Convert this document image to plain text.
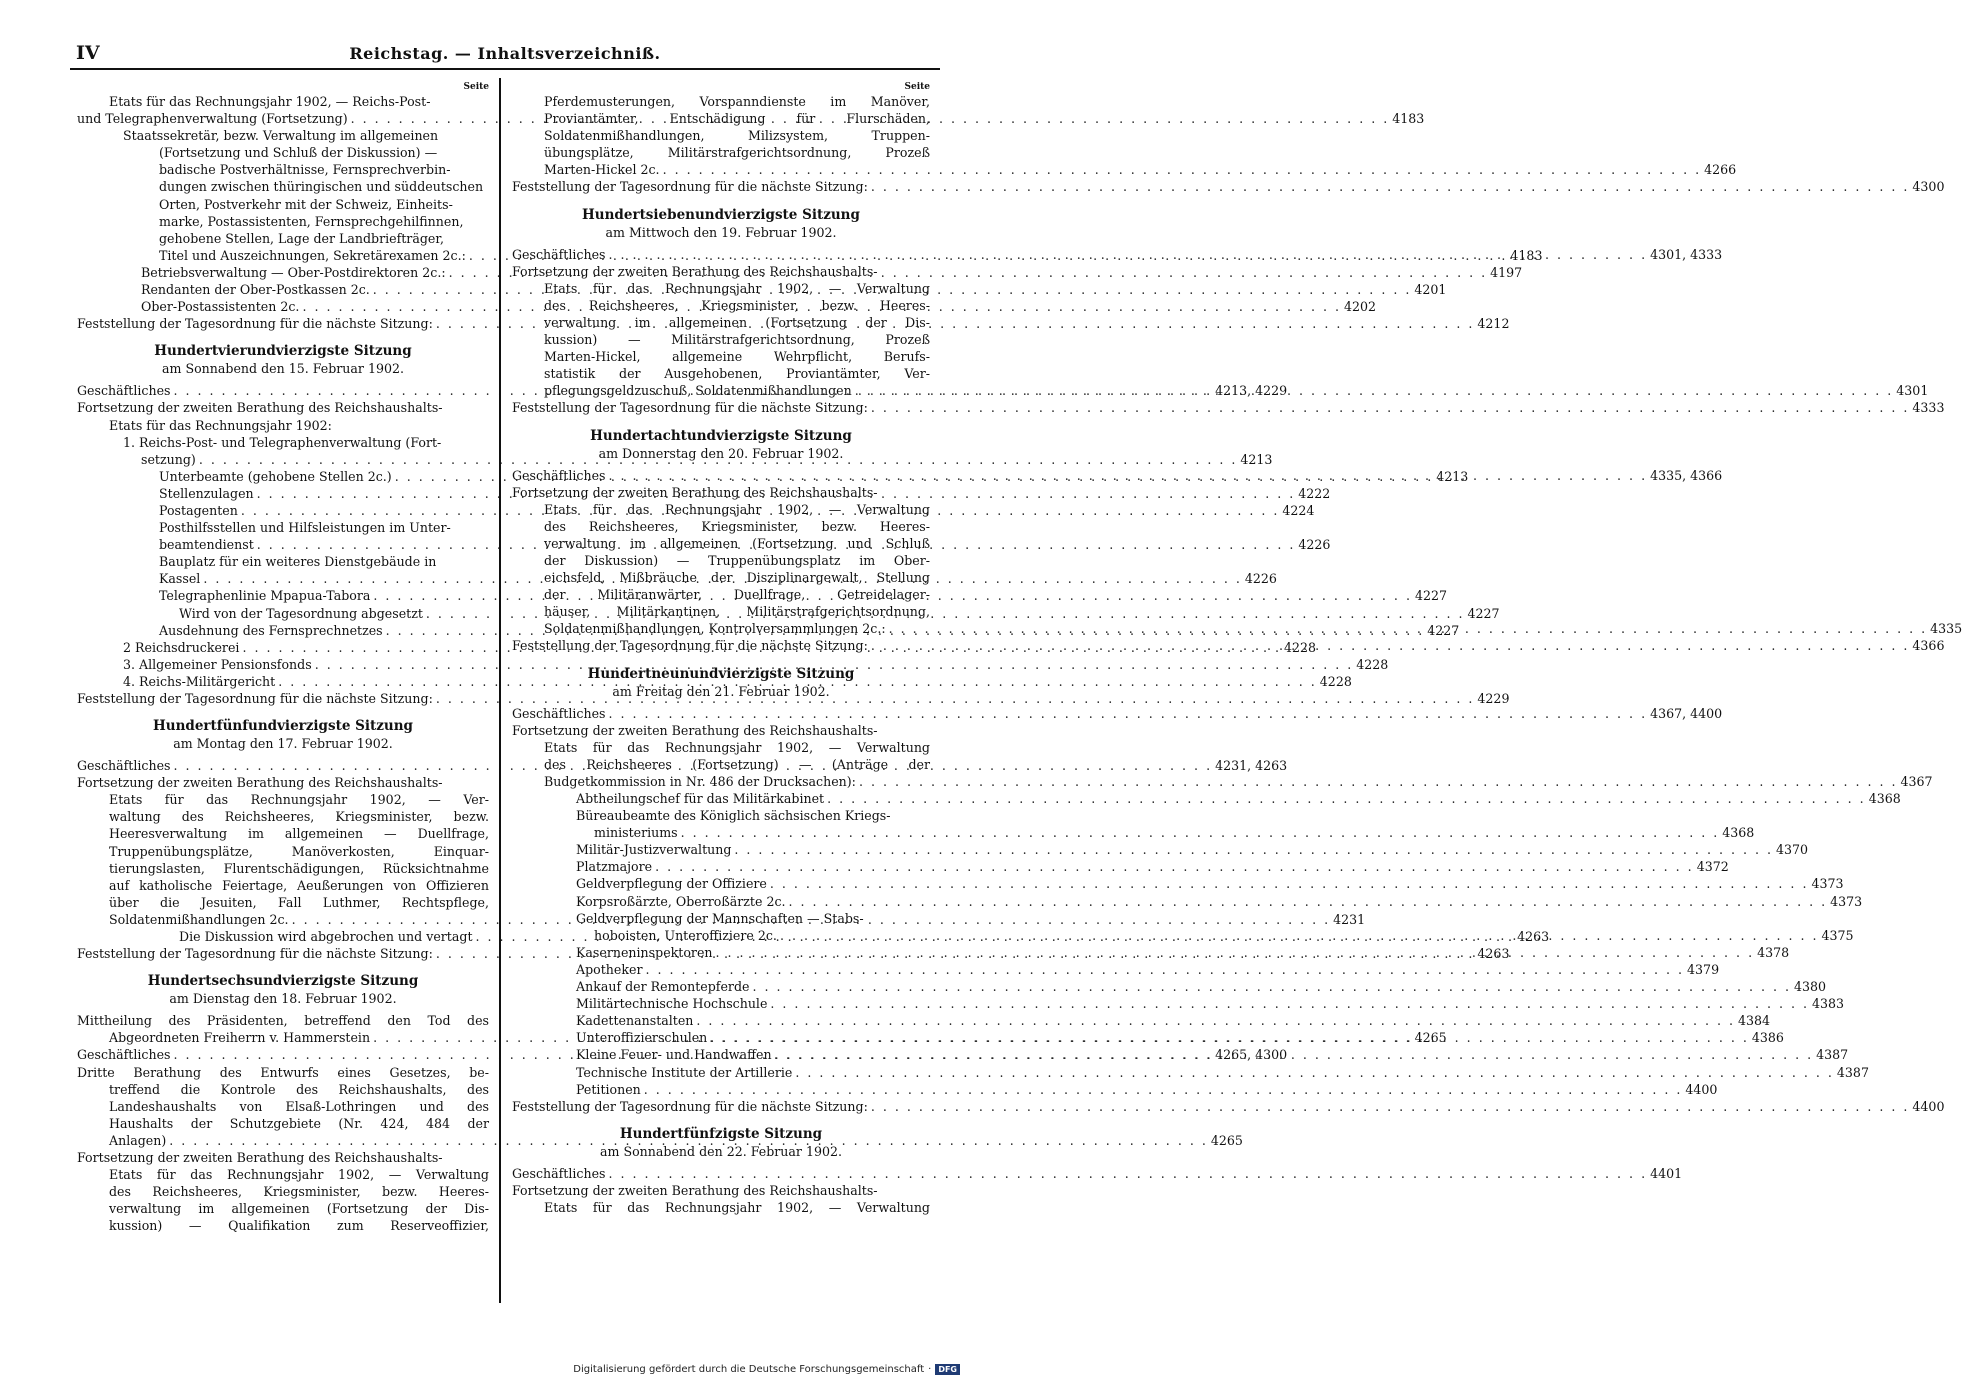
IV	Reichstag. — Inhaltsverzeichniß.
Seite
Etats für das Rechnungsjahr 1902, — Reichs-Post-
und Telegraphenverwaltung (Fortsetzung) . . .	4183
Staatssekretär, bezw. Verwaltung im allgemeinen
(Fortsetzung und Schluß der Diskussion) —
badische Postverhältnisse, Fernsprechverbin-
dungen zwischen thüringischen und süddeutschen
Orten, Postverkehr mit der Schweiz, Einheits-
marke, Postassistenten, Fernsprechgehilfinnen,
gehobene Stellen, Lage der Landbriefträger,
Titel und Auszeichnungen, Sekretärexamen 2c.: . . .	4183
Betriebsverwaltung — Ober-Postdirektoren 2c.: . . .	4197
Rendanten der Ober-Postkassen 2c. . . .	4201
Ober-Postassistenten 2c. . . .	4202
Feststellung der Tagesordnung für die nächste Sitzung: . . .	4212
Hundertvierundvierzigste Sitzung
am Sonnabend den 15. Februar 1902.
Geschäftliches . . .	4213, 4229
Fortsetzung der zweiten Berathung des Reichshaushalts-
Etats für das Rechnungsjahr 1902:
1. Reichs-Post- und Telegraphenverwaltung (Fort-
setzung) . . .	4213
Unterbeamte (gehobene Stellen 2c.) . . .	4213
Stellenzulagen . . .	4222
Postagenten . . .	4224
Posthilfsstellen und Hilfsleistungen im Unter-
beamtendienst . . .	4226
Bauplatz für ein weiteres Dienstgebäude in
Kassel . . .	4226
Telegraphenlinie Mpapua-Tabora . . .	4227
Wird von der Tagesordnung abgesetzt . . .	4227
Ausdehnung des Fernsprechnetzes . . .	4227
2 Reichsdruckerei . . .	4228
3. Allgemeiner Pensionsfonds . . .	4228
4. Reichs-Militärgericht . . .	4228
Feststellung der Tagesordnung für die nächste Sitzung: . . .	4229
Hundertfünfundvierzigste Sitzung
am Montag den 17. Februar 1902.
Geschäftliches . . .	4231, 4263
Fortsetzung der zweiten Berathung des Reichshaushalts-
Etats für das Rechnungsjahr 1902, — Ver-
waltung des Reichsheeres, Kriegsminister, bezw.
Heeresverwaltung im allgemeinen — Duellfrage,
Truppenübungsplätze, Manöverkosten, Einquar-
tierungslasten, Flurentschädigungen, Rücksichtnahme
auf katholische Feiertage, Aeußerungen von Offizieren
über die Jesuiten, Fall Luthmer, Rechtspflege,
Soldatenmißhandlungen 2c. . . .	4231
Die Diskussion wird abgebrochen und vertagt . . .	4263
Feststellung der Tagesordnung für die nächste Sitzung: . . .	4263
Hundertsechsundvierzigste Sitzung
am Dienstag den 18. Februar 1902.
Mittheilung des Präsidenten, betreffend den Tod des
Abgeordneten Freiherrn v. Hammerstein . . .	4265
Geschäftliches . . .	4265, 4300
Dritte Berathung des Entwurfs eines Gesetzes, be-
treffend die Kontrole des Reichshaushalts, des
Landeshaushalts von Elsaß-Lothringen und des
Haushalts der Schutzgebiete (Nr. 424, 484 der
Anlagen) . . .	4265
Fortsetzung der zweiten Berathung des Reichshaushalts-
Etats für das Rechnungsjahr 1902, — Verwaltung
des Reichsheeres, Kriegsminister, bezw. Heeres-
verwaltung im allgemeinen (Fortsetzung der Dis-
kussion) — Qualifikation zum Reserveoffizier,
Seite
Pferdemusterungen, Vorspanndienste im Manöver,
Proviantämter, Entschädigung für Flurschäden,
Soldatenmißhandlungen, Milizsystem, Truppen-
übungsplätze, Militärstrafgerichtsordnung, Prozeß
Marten-Hickel 2c. . . .	4266
Feststellung der Tagesordnung für die nächste Sitzung: . . .	4300
Hundertsiebenundvierzigste Sitzung
am Mittwoch den 19. Februar 1902.
Geschäftliches . . .	4301, 4333
Fortsetzung der zweiten Berathung des Reichshaushalts-
Etats für das Rechnungsjahr 1902, — Verwaltung
des Reichsheeres, Kriegsminister, bezw. Heeres-
verwaltung im allgemeinen (Fortsetzung der Dis-
kussion) — Militärstrafgerichtsordnung, Prozeß
Marten-Hickel, allgemeine Wehrpflicht, Berufs-
statistik der Ausgehobenen, Proviantämter, Ver-
pflegungsgeldzuschuß, Soldatenmißhandlungen . . .	4301
Feststellung der Tagesordnung für die nächste Sitzung: . . .	4333
Hundertachtundvierzigste Sitzung
am Donnerstag den 20. Februar 1902.
Geschäftliches . . .	4335, 4366
Fortsetzung der zweiten Berathung des Reichshaushalts-
Etats für das Rechnungsjahr 1902, — Verwaltung
des Reichsheeres, Kriegsminister, bezw. Heeres-
verwaltung im allgemeinen (Fortsetzung und Schluß
der Diskussion) — Truppenübungsplatz im Ober-
eichsfeld, Mißbräuche der Disziplinargewalt, Stellung
der Militäranwärter, Duellfrage, Getreidelager-
häuser, Militärkantinen, Militärstrafgerichtsordnung,
Soldatenmißhandlungen, Kontrolversammlungen 2c.: . . .	4335
Feststellung der Tagesordnung für die nächste Sitzung: . . .	4366
Hundertneunundvierzigste Sitzung
am Freitag den 21. Februar 1902.
Geschäftliches . . .	4367, 4400
Fortsetzung der zweiten Berathung des Reichshaushalts-
Etats für das Rechnungsjahr 1902, — Verwaltung
des Reichsheeres (Fortsetzung) — (Anträge der
Budgetkommission in Nr. 486 der Drucksachen): . . .	4367
Abtheilungschef für das Militärkabinet . . .	4368
Büreaubeamte des Königlich sächsischen Kriegs-
ministeriums . . .	4368
Militär-Justizverwaltung . . .	4370
Platzmajore . . .	4372
Geldverpflegung der Offiziere . . .	4373
Korpsroßärzte, Oberroßärzte 2c. . . .	4373
Geldverpflegung der Mannschaften — Stabs-
hoboisten, Unteroffiziere 2c. . . .	4375
Kaserneninspektoren . . .	4378
Apotheker . . .	4379
Ankauf der Remontepferde . . .	4380
Militärtechnische Hochschule . . .	4383
Kadettenanstalten . . .	4384
Unteroffizierschulen . . .	4386
Kleine Feuer- und Handwaffen . . .	4387
Technische Institute der Artillerie . . .	4387
Petitionen . . .	4400
Feststellung der Tagesordnung für die nächste Sitzung: . . .	4400
Hundertfünfzigste Sitzung
am Sonnabend den 22. Februar 1902.
Geschäftliches . . .	4401
Fortsetzung der zweiten Berathung des Reichshaushalts-
Etats für das Rechnungsjahr 1902, — Verwaltung
Digitalisierung gefördert durch die Deutsche Forschungsgemeinschaft · DFG
